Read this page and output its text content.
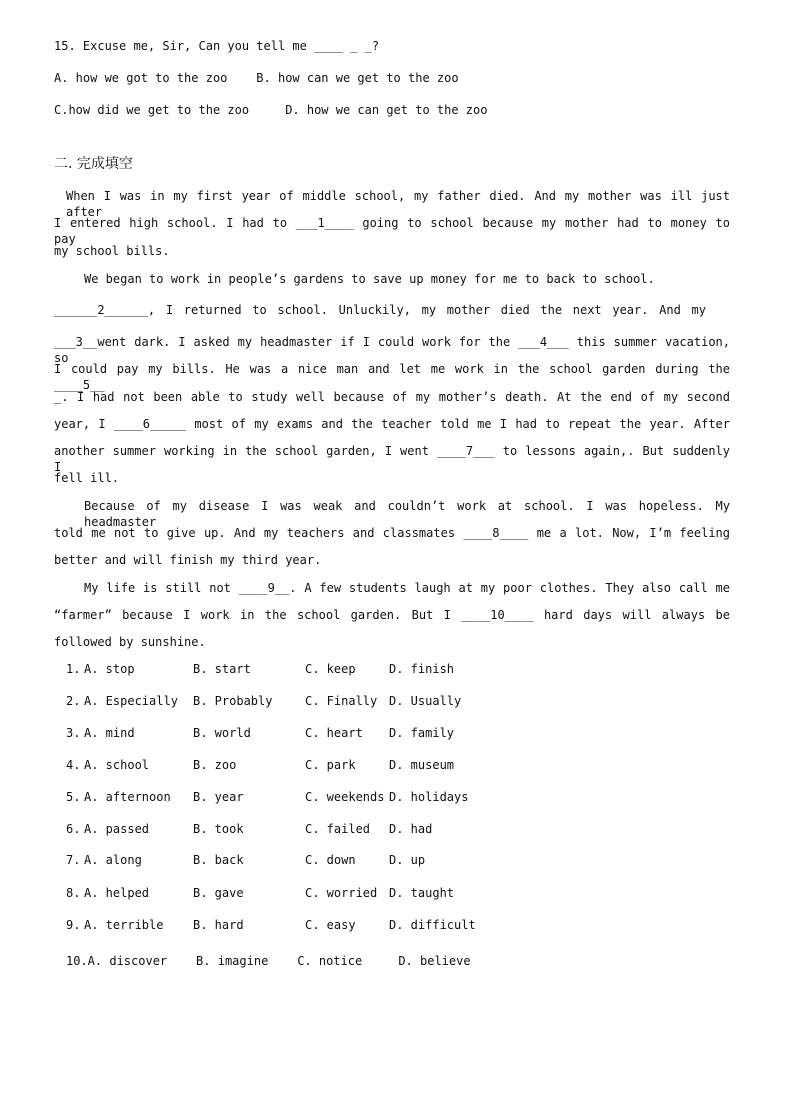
15. Excuse me, Sir, Can you tell me ____ _ _?
A. how we got to the zoo    B. how can we get to the zoo
C.how did we get to the zoo     D. how we can get to the zoo
二. 完成填空
When I was in my first year of middle school, my father died. And my mother was ill just after
I entered high school. I had to ___1____ going to school because my mother had to money to pay
my school bills.
We began to work in people’s gardens to save up money for me to back to school.
______2______, I returned to school. Unluckily, my mother died the next year. And my
___3__went dark. I asked my headmaster if I could work for the ___4___ this summer vacation, so
I could pay my bills. He was a nice man and let me work in the school garden during the ____5__
_. I had not been able to study well because of my mother’s death. At the end of my second
year, I ____6_____ most of my exams and the teacher told me I had to repeat the year. After
another summer working in the school garden, I went ____7___ to lessons again,. But suddenly I
fell ill.
Because of my disease I was weak and couldn’t work at school. I was hopeless. My headmaster
told me not to give up. And my teachers and classmates ____8____ me a lot. Now, I’m feeling
better and will finish my third year.
My life is still not ____9__. A few students laugh at my poor clothes. They also call me
“farmer” because I work in the school garden. But I ____10____ hard days will always be
followed by sunshine.
1. A. stop	B. start	C. keep	D. finish
2. A. Especially B. Probably	C. Finally D. Usually
3. A. mind	B. world	C. heart D. family
4. A. school	B. zoo	C. park	D. museum
5. A. afternoon B. year	C. weekends D. holidays
6. A. passed	B. took	C. failed D. had
7. A. along	B. back	C. down	D. up
8. A. helped	B. gave	C. worried D. taught
9. A. terrible B. hard	C. easy	D. difficult
10.A. discover    B. imagine    C. notice     D. believe
